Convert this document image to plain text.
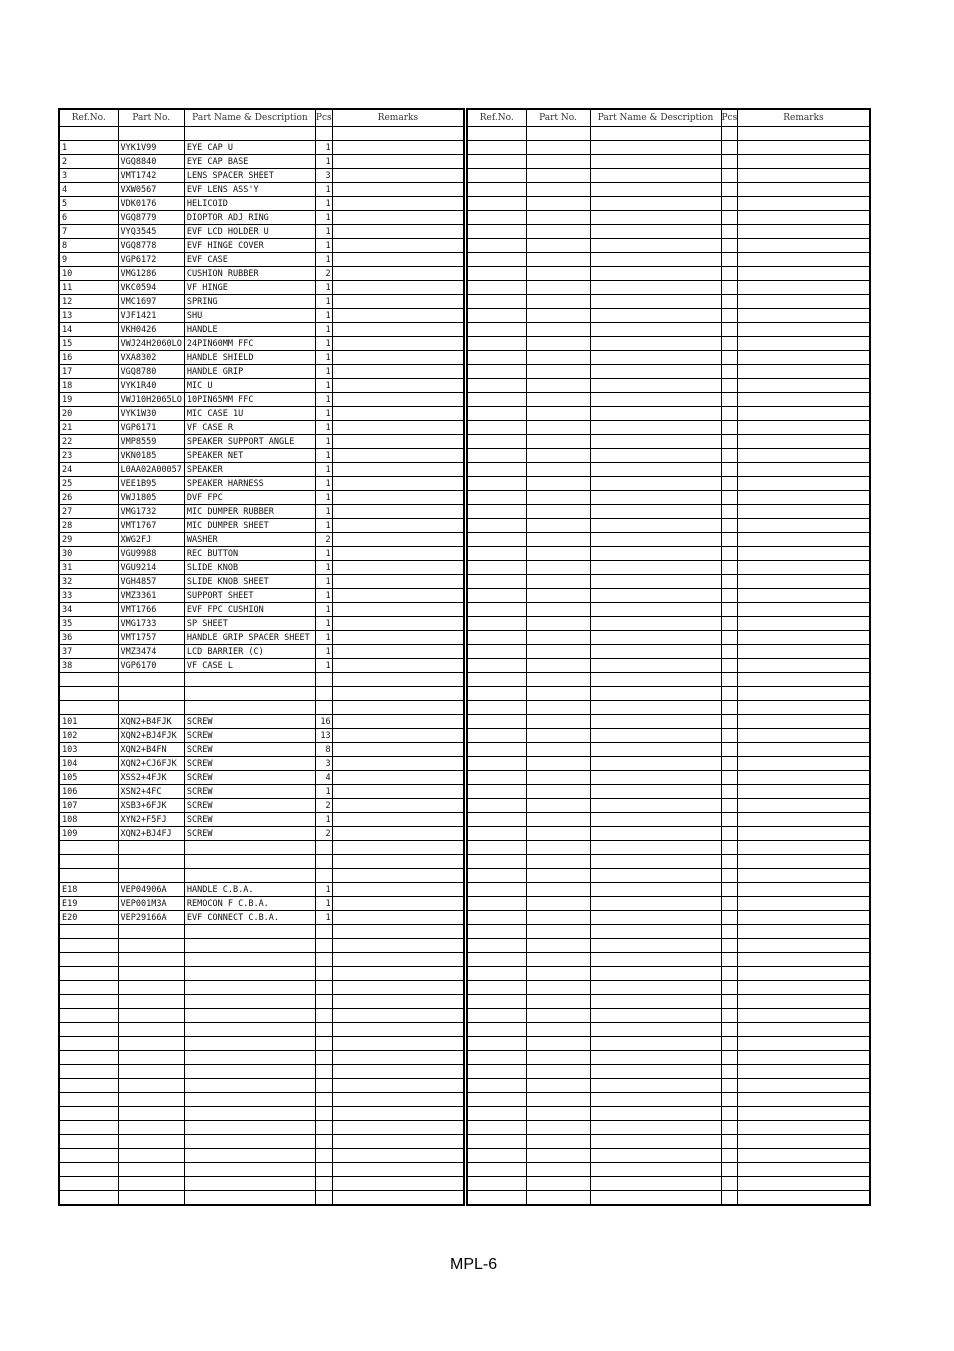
Ref.No.	Part No.	Part Name & Description	Pcs	Remarks

1	VYK1V99	EYE CAP U	1	
2	VGQ8840	EYE CAP BASE	1	
3	VMT1742	LENS SPACER SHEET	3	
4	VXW0567	EVF LENS ASS'Y	1	
5	VDK0176	HELICOID	1	
6	VGQ8779	DIOPTOR ADJ RING	1	
7	VYQ3545	EVF LCD HOLDER U	1	
8	VGQ8778	EVF HINGE COVER	1	
9	VGP6172	EVF CASE	1	
10	VMG1286	CUSHION RUBBER	2	
11	VKC0594	VF HINGE	1	
12	VMC1697	SPRING	1	
13	VJF1421	SHU	1	
14	VKH0426	HANDLE	1	
15	VWJ24H2060LO	24PIN60MM FFC	1	
16	VXA8302	HANDLE SHIELD	1	
17	VGQ8780	HANDLE GRIP	1	
18	VYK1R40	MIC U	1	
19	VWJ10H2065LO	10PIN65MM FFC	1	
20	VYK1W30	MIC CASE 1U	1	
21	VGP6171	VF CASE R	1	
22	VMP8559	SPEAKER SUPPORT ANGLE	1	
23	VKN0185	SPEAKER NET	1	
24	L0AA02A00057	SPEAKER	1	
25	VEE1B95	SPEAKER HARNESS	1	
26	VWJ1805	DVF FPC	1	
27	VMG1732	MIC DUMPER RUBBER	1	
28	VMT1767	MIC DUMPER SHEET	1	
29	XWG2FJ	WASHER	2	
30	VGU9988	REC BUTTON	1	
31	VGU9214	SLIDE KNOB	1	
32	VGH4857	SLIDE KNOB SHEET	1	
33	VMZ3361	SUPPORT SHEET	1	
34	VMT1766	EVF FPC CUSHION	1	
35	VMG1733	SP SHEET	1	
36	VMT1757	HANDLE GRIP SPACER SHEET	1	
37	VMZ3474	LCD BARRIER (C)	1	
38	VGP6170	VF CASE L	1	

101	XQN2+B4FJK	SCREW	16	
102	XQN2+BJ4FJK	SCREW	13	
103	XQN2+B4FN	SCREW	8	
104	XQN2+CJ6FJK	SCREW	3	
105	XSS2+4FJK	SCREW	4	
106	XSN2+4FC	SCREW	1	
107	XSB3+6FJK	SCREW	2	
108	XYN2+F5FJ	SCREW	1	
109	XQN2+BJ4FJ	SCREW	2	

E18	VEP04906A	HANDLE C.B.A.	1	
E19	VEP001M3A	REMOCON F C.B.A.	1	
E20	VEP29166A	EVF CONNECT C.B.A.	1	

Ref.No.	Part No.	Part Name & Description	Pcs	Remarks

MPL-6
